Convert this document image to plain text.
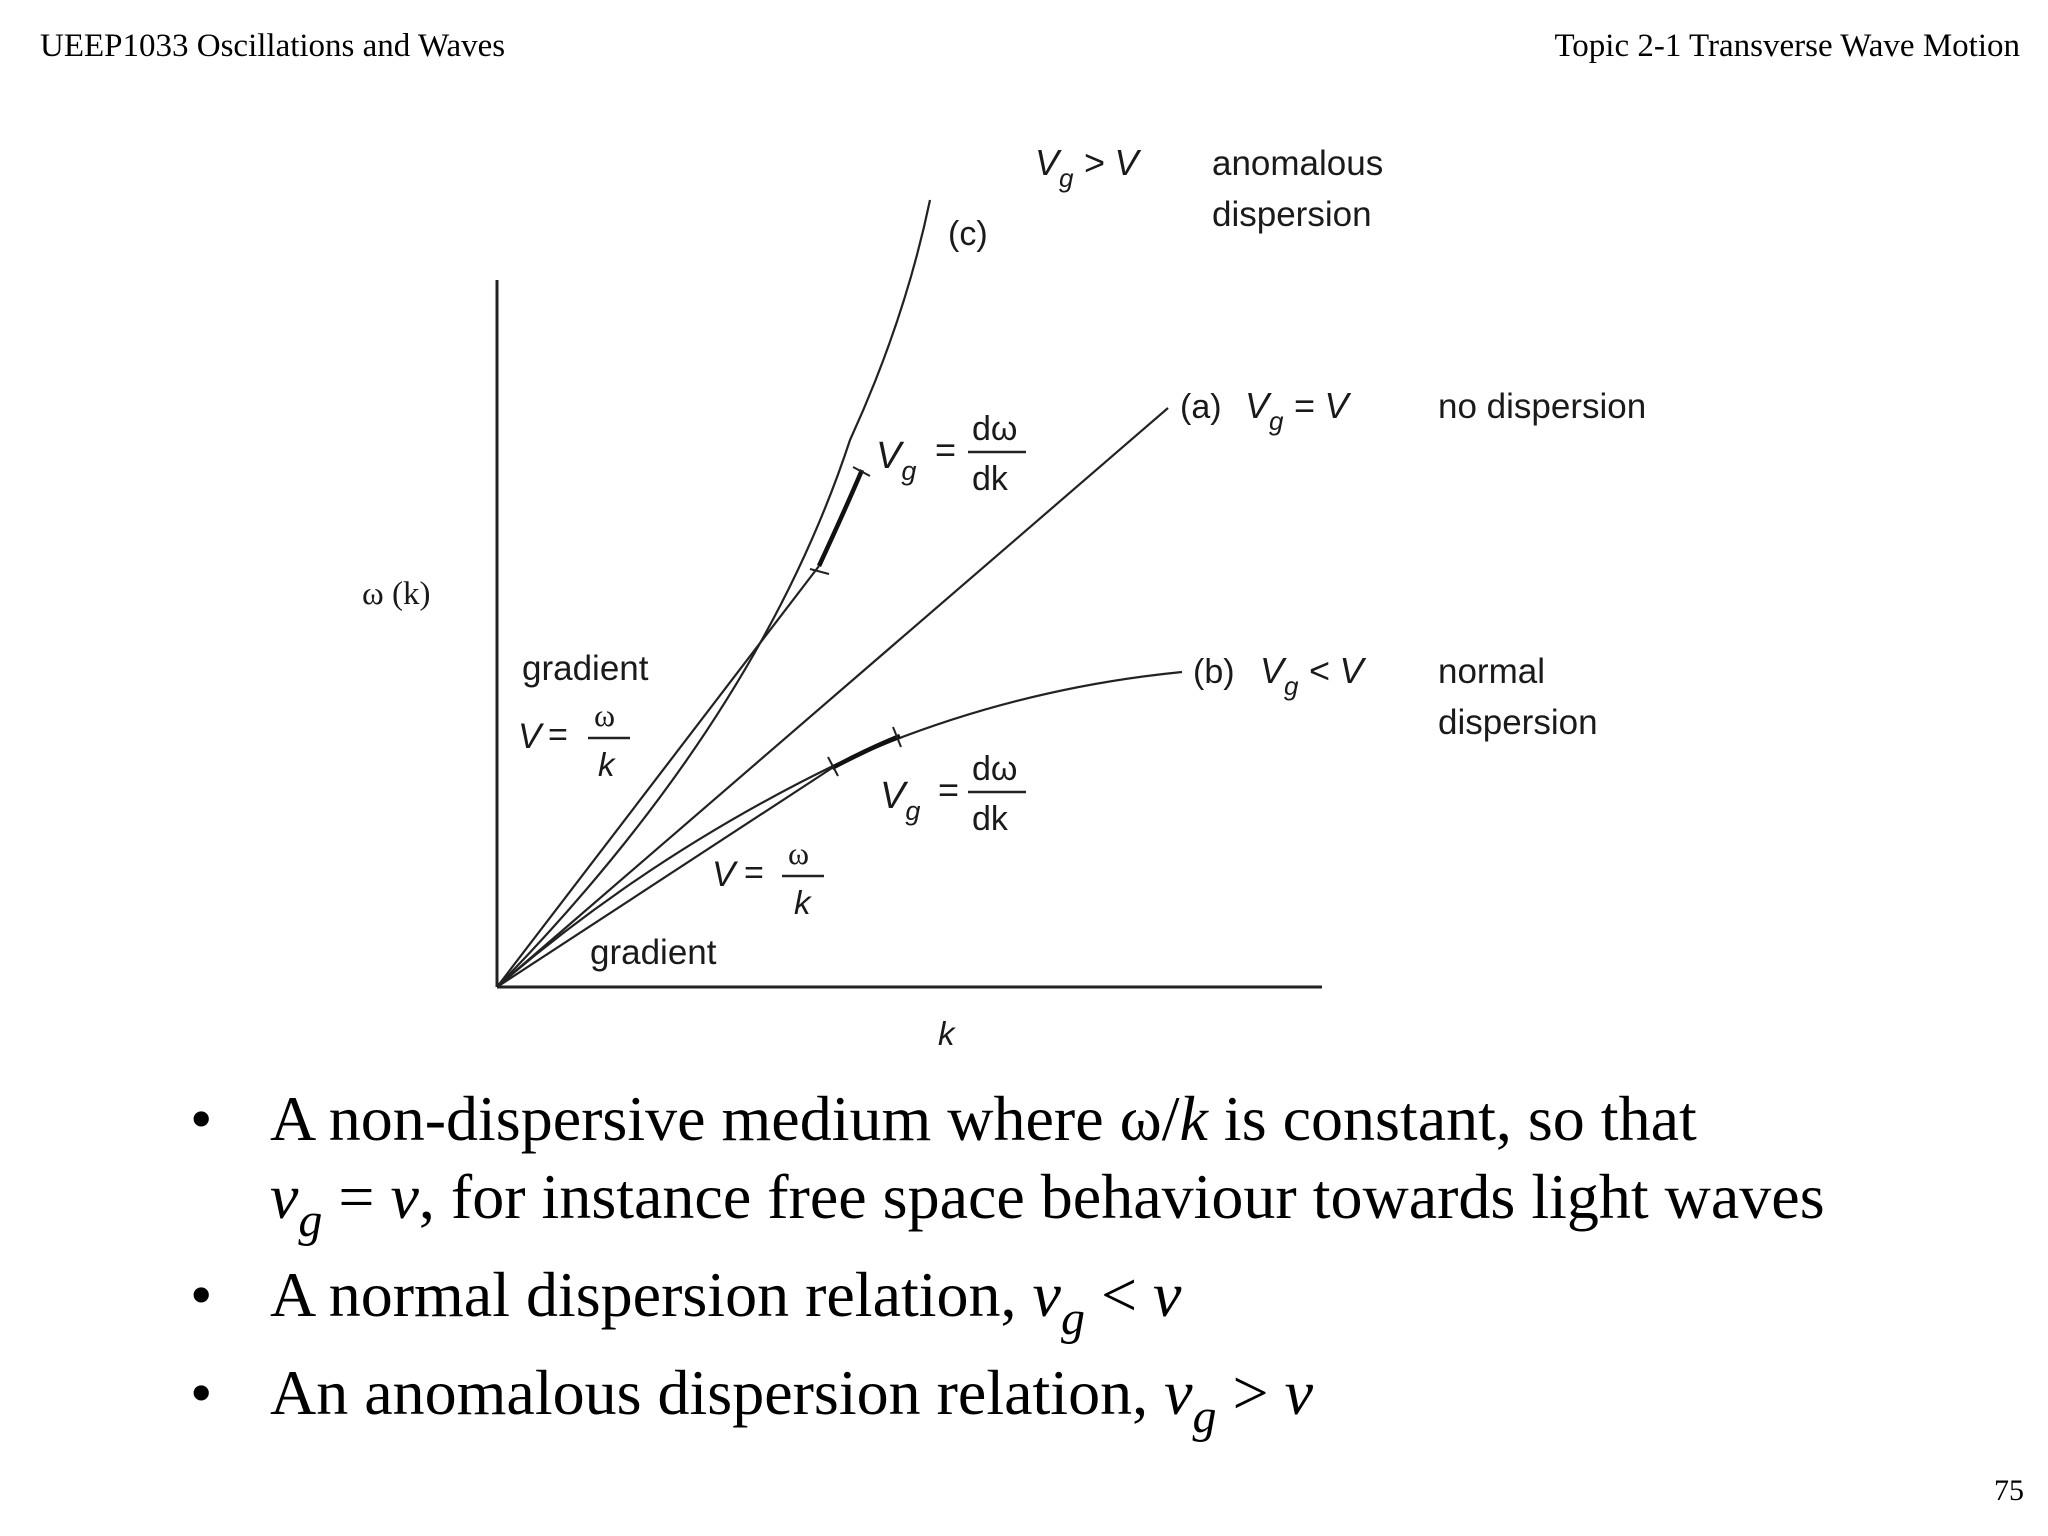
UEEP1033 Oscillations and Waves	Topic 2-1 Transverse Wave Motion
ω (k)
k
(c)
$V_g > V$ anomalous
dispersion
(a) $V_g = V$	no dispersion
(b) $V_g < V$ normal
dispersion
$V_g$
= dω
dk
$V_g$
= dω
dk
gradient
V =
ω
k
V =
ω
k
gradient
• A non-dispersive medium where ω/k is constant, so that
$v_g = v$, for instance free space behaviour towards light waves
• A normal dispersion relation, $v_g < v$
• An anomalous dispersion relation, $v_g > v$
75
